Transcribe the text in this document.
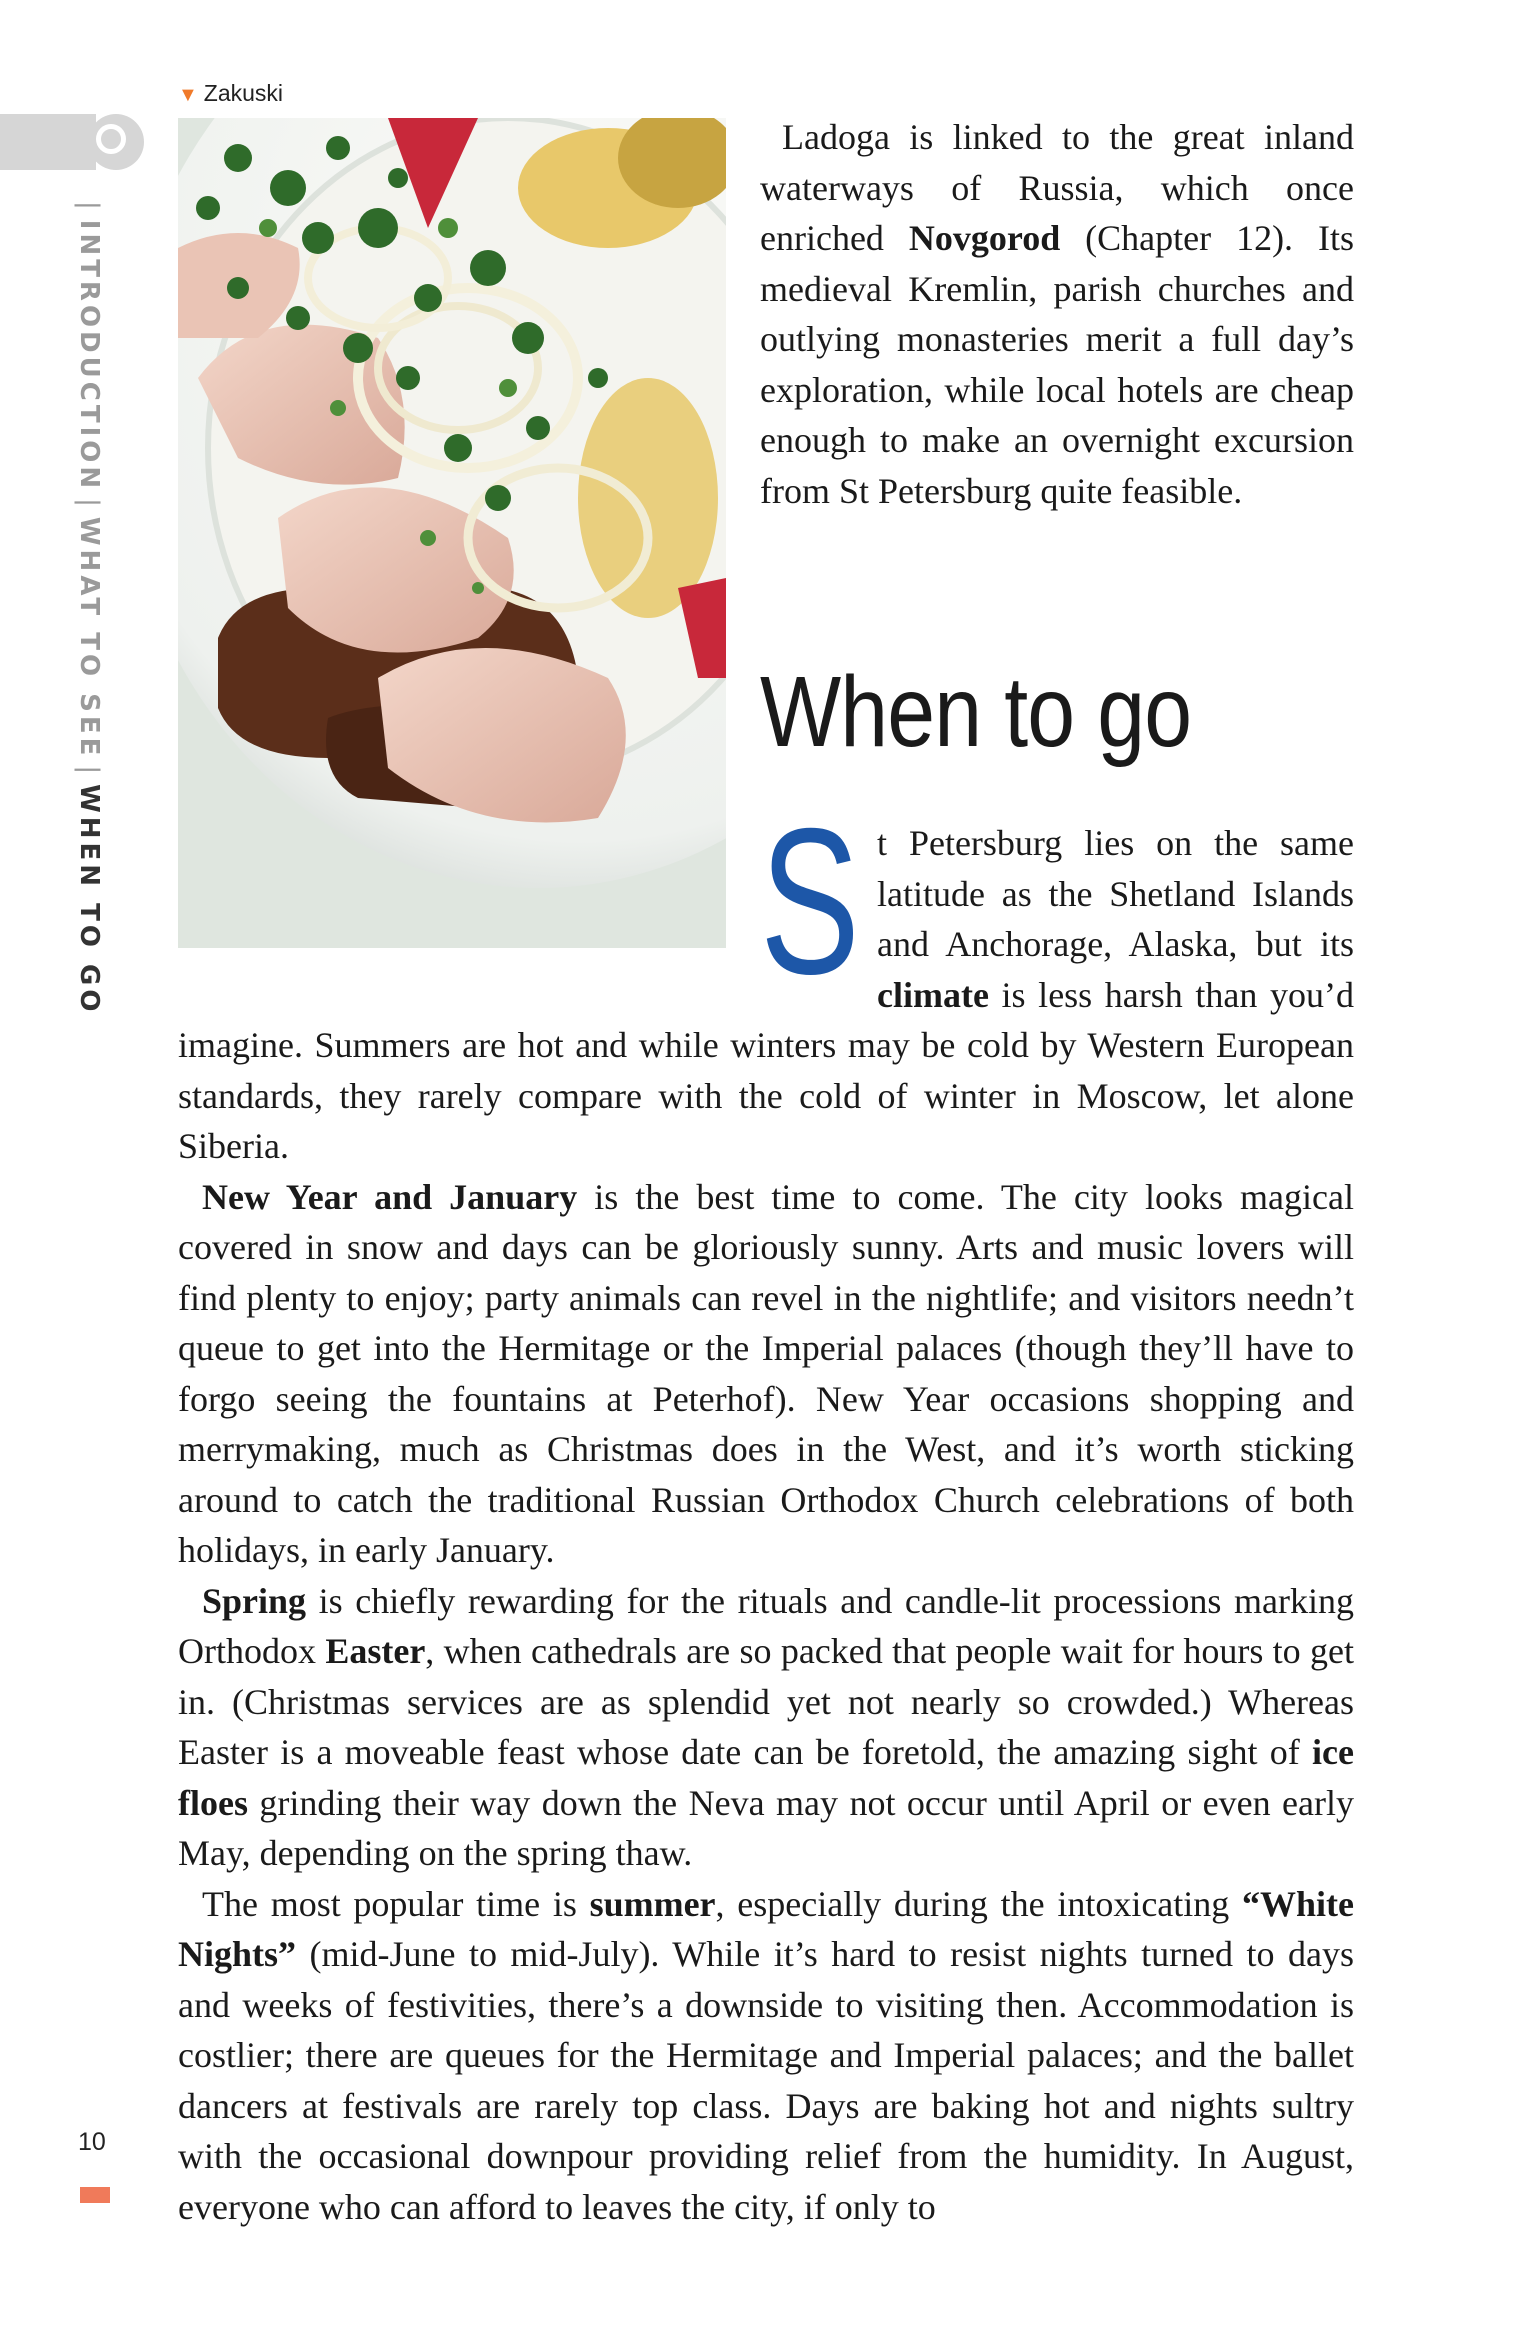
|INTRODUCTION|WHAT TO SEE|WHEN TO GO
▼ Zakuski

Ladoga is linked to the great inland waterways of Russia, which once enriched Novgorod (Chapter 12). Its medieval Kremlin, parish churches and outlying monasteries merit a full day’s exploration, while local hotels are cheap enough to make an overnight excursion from St Petersburg quite feasible.

When to go
S t Petersburg lies on the same
latitude as the Shetland Islands
and Anchorage, Alaska, but its
climate is less harsh than you’d

imagine. Summers are hot and while winters may be cold by Western European standards, they rarely compare with the cold of winter in Moscow, let alone Siberia.

New Year and January is the best time to come. The city looks magical covered in snow and days can be gloriously sunny. Arts and music lovers will find plenty to enjoy; party animals can revel in the nightlife; and visitors needn’t queue to get into the Hermitage or the Imperial palaces (though they’ll have to forgo seeing the fountains at Peterhof). New Year occasions shopping and merrymaking, much as Christmas does in the West, and it’s worth sticking around to catch the traditional Russian Orthodox Church celebrations of both holidays, in early January.

Spring is chiefly rewarding for the rituals and candle-lit processions marking Orthodox Easter, when cathedrals are so packed that people wait for hours to get in. (Christmas services are as splendid yet not nearly so crowded.) Whereas Easter is a moveable feast whose date can be foretold, the amazing sight of ice floes grinding their way down the Neva may not occur until April or even early May, depending on the spring thaw.

The most popular time is summer, especially during the intoxicating “White Nights” (mid-June to mid-July). While it’s hard to resist nights turned to days and weeks of festivities, there’s a downside to visiting then. Accommodation is costlier; there are queues for the Hermitage and Imperial palaces; and the ballet dancers at festivals are rarely top class. Days are baking hot and nights sultry with the occasional downpour providing relief from the humidity. In August, everyone who can afford to leaves the city, if only to

10
